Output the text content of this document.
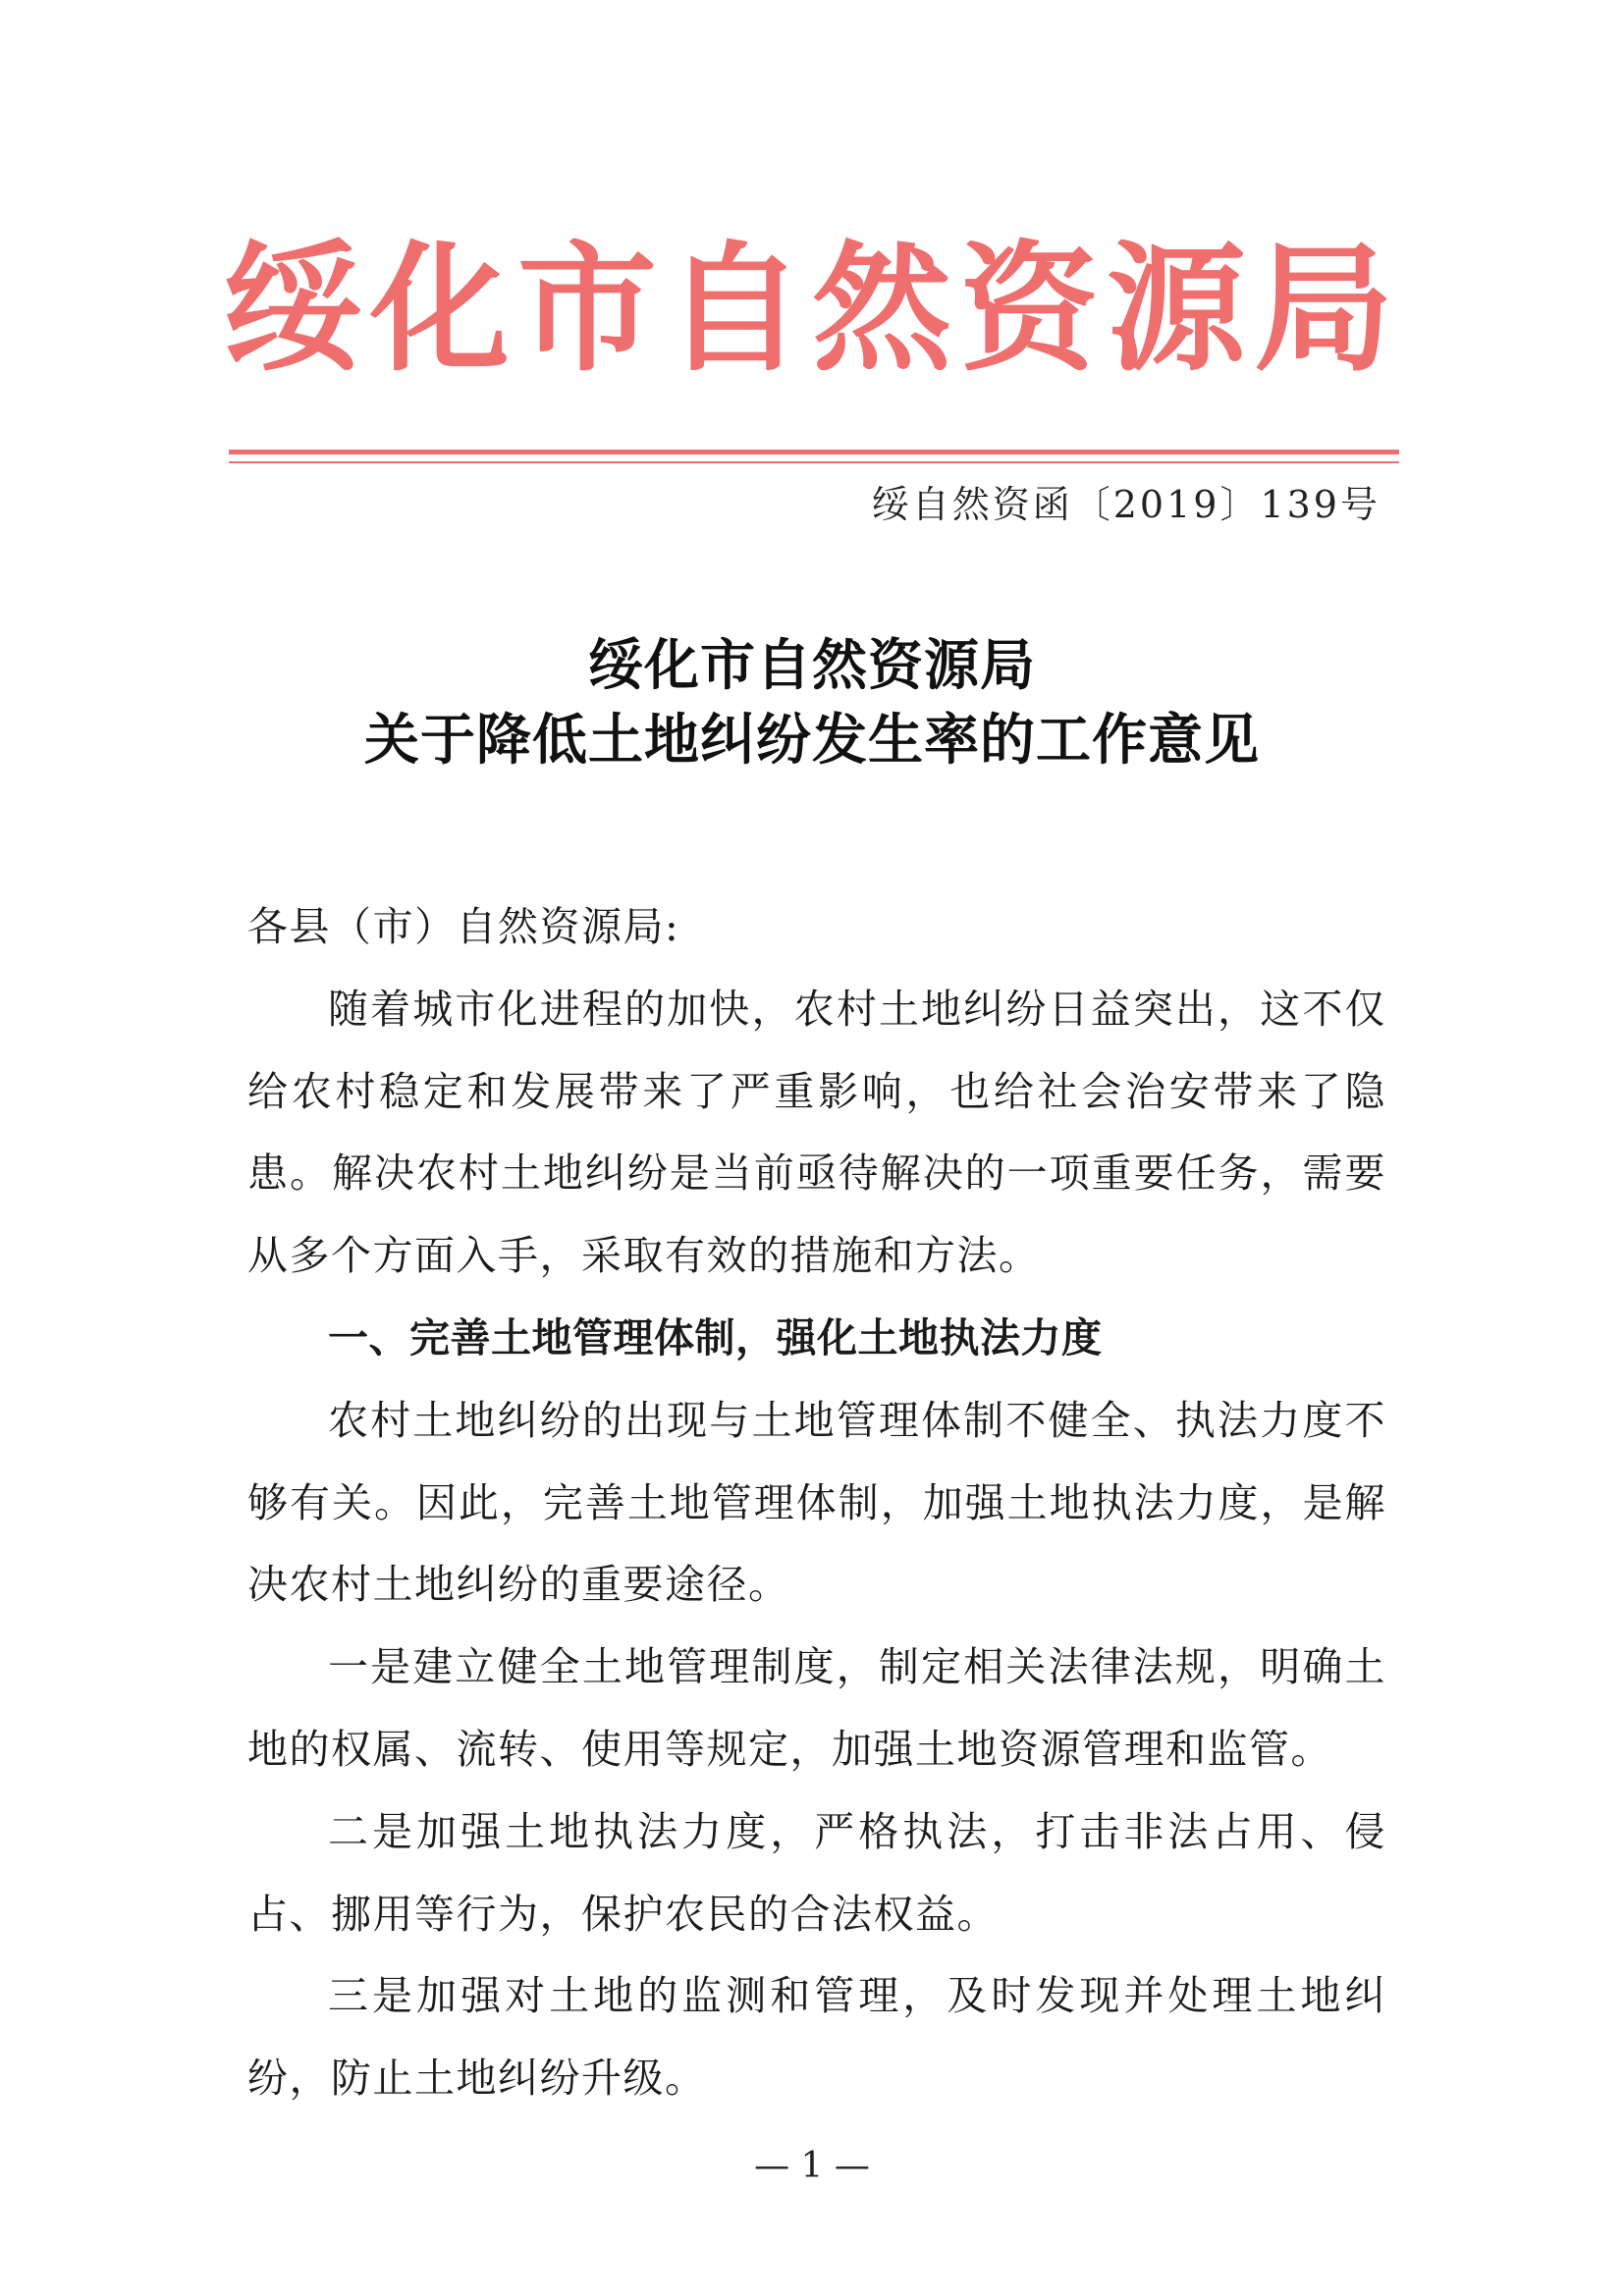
绥化市自然资源局
绥自然资函〔2019〕139号
绥化市自然资源局
关于降低土地纠纷发生率的工作意见

各县（市）自然资源局:

随着城市化进程的加快，农村土地纠纷日益突出，这不仅给农村稳定和发展带来了严重影响，也给社会治安带来了隐患。解决农村土地纠纷是当前亟待解决的一项重要任务，需要从多个方面入手，采取有效的措施和方法。

一、完善土地管理体制，强化土地执法力度

农村土地纠纷的出现与土地管理体制不健全、执法力度不够有关。因此，完善土地管理体制，加强土地执法力度，是解决农村土地纠纷的重要途径。

一是建立健全土地管理制度，制定相关法律法规，明确土地的权属、流转、使用等规定，加强土地资源管理和监管。

二是加强土地执法力度，严格执法，打击非法占用、侵占、挪用等行为，保护农民的合法权益。

三是加强对土地的监测和管理，及时发现并处理土地纠纷，防止土地纠纷升级。

— 1 —
